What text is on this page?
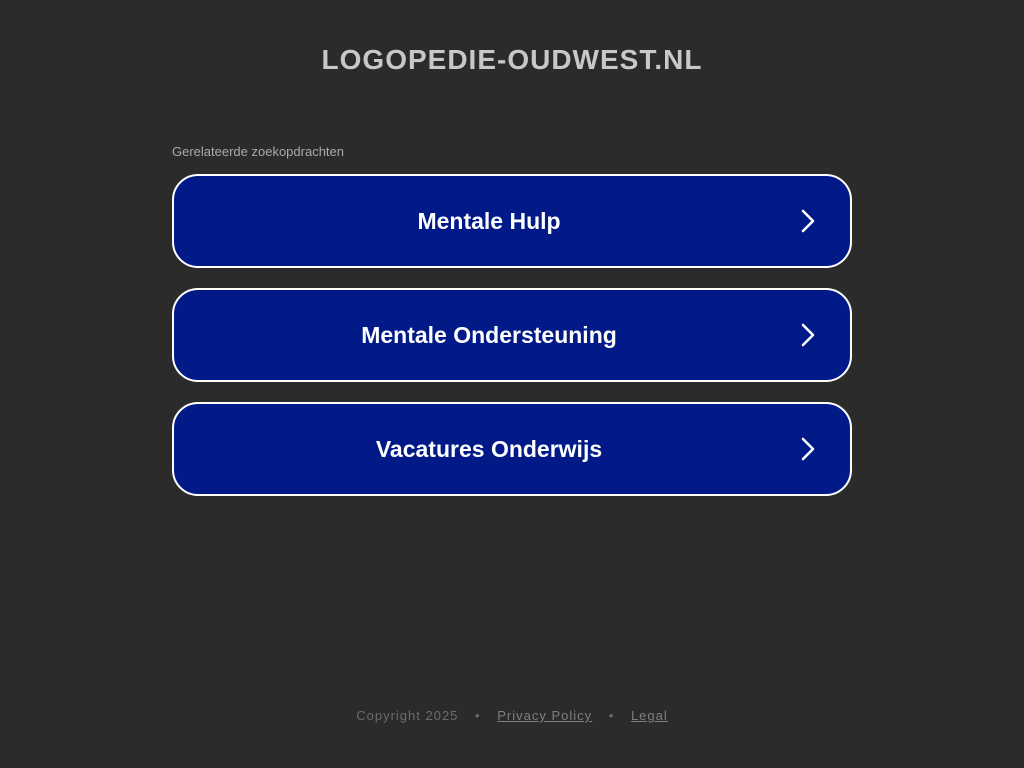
LOGOPEDIE-OUDWEST.NL
Gerelateerde zoekopdrachten
Mentale Hulp
Mentale Ondersteuning
Vacatures Onderwijs
Copyright 2025 • Privacy Policy • Legal
